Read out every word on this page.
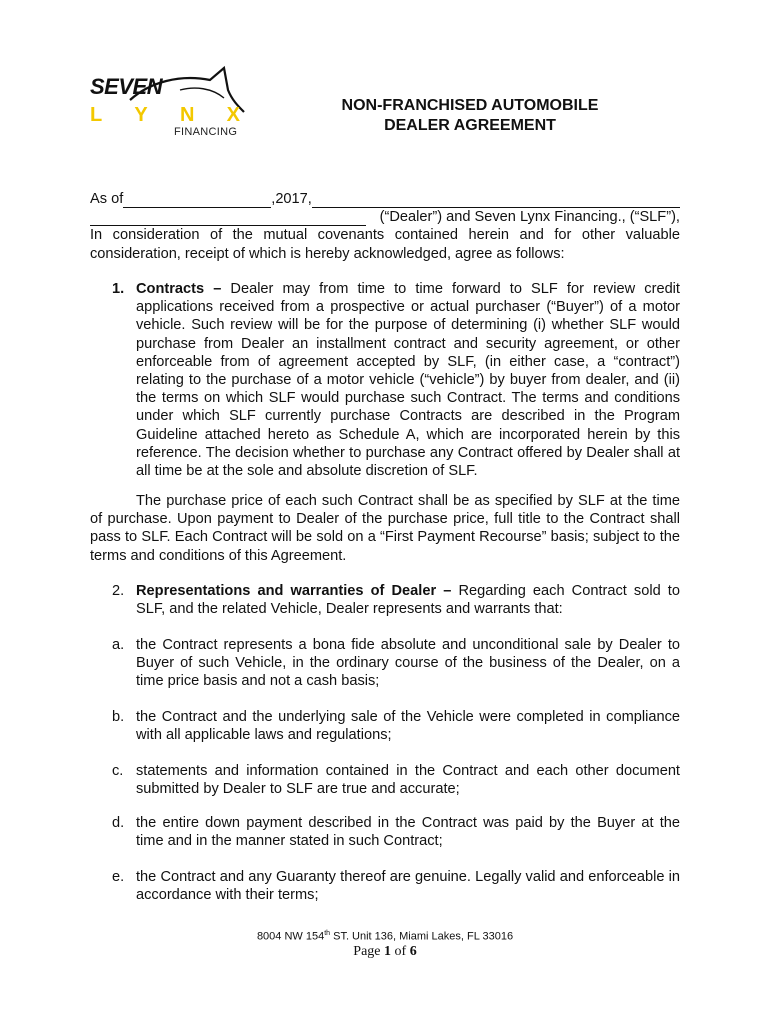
SEVEN
L Y N X
FINANCING
NON-FRANCHISED AUTOMOBILE
DEALER AGREEMENT
As of	,2017,
(“Dealer”) and Seven Lynx Financing., (“SLF”),
In consideration of the mutual covenants contained herein and for other valuable consideration, receipt of which is hereby acknowledged, agree as follows:
1. Contracts – Dealer may from time to time forward to SLF for review credit applications received from a prospective or actual purchaser (“Buyer”) of a motor vehicle. Such review will be for the purpose of determining (i) whether SLF would purchase from Dealer an installment contract and security agreement, or other enforceable from of agreement accepted by SLF, (in either case, a “contract”) relating to the purchase of a motor vehicle (“vehicle”) by buyer from dealer, and (ii) the terms on which SLF would purchase such Contract. The terms and conditions under which SLF currently purchase Contracts are described in the Program Guideline attached hereto as Schedule A, which are incorporated herein by this reference. The decision whether to purchase any Contract offered by Dealer shall at all time be at the sole and absolute discretion of SLF.
The purchase price of each such Contract shall be as specified by SLF at the time of purchase. Upon payment to Dealer of the purchase price, full title to the Contract shall pass to SLF. Each Contract will be sold on a “First Payment Recourse” basis; subject to the terms and conditions of this Agreement.
2. Representations and warranties of Dealer – Regarding each Contract sold to SLF, and the related Vehicle, Dealer represents and warrants that:
a. the Contract represents a bona fide absolute and unconditional sale by Dealer to Buyer of such Vehicle, in the ordinary course of the business of the Dealer, on a time price basis and not a cash basis;
b. the Contract and the underlying sale of the Vehicle were completed in compliance with all applicable laws and regulations;
c. statements and information contained in the Contract and each other document submitted by Dealer to SLF are true and accurate;
d. the entire down payment described in the Contract was paid by the Buyer at the time and in the manner stated in such Contract;
e. the Contract and any Guaranty thereof are genuine. Legally valid and enforceable in accordance with their terms;
8004 NW 154th ST. Unit 136, Miami Lakes, FL 33016
Page 1 of 6
